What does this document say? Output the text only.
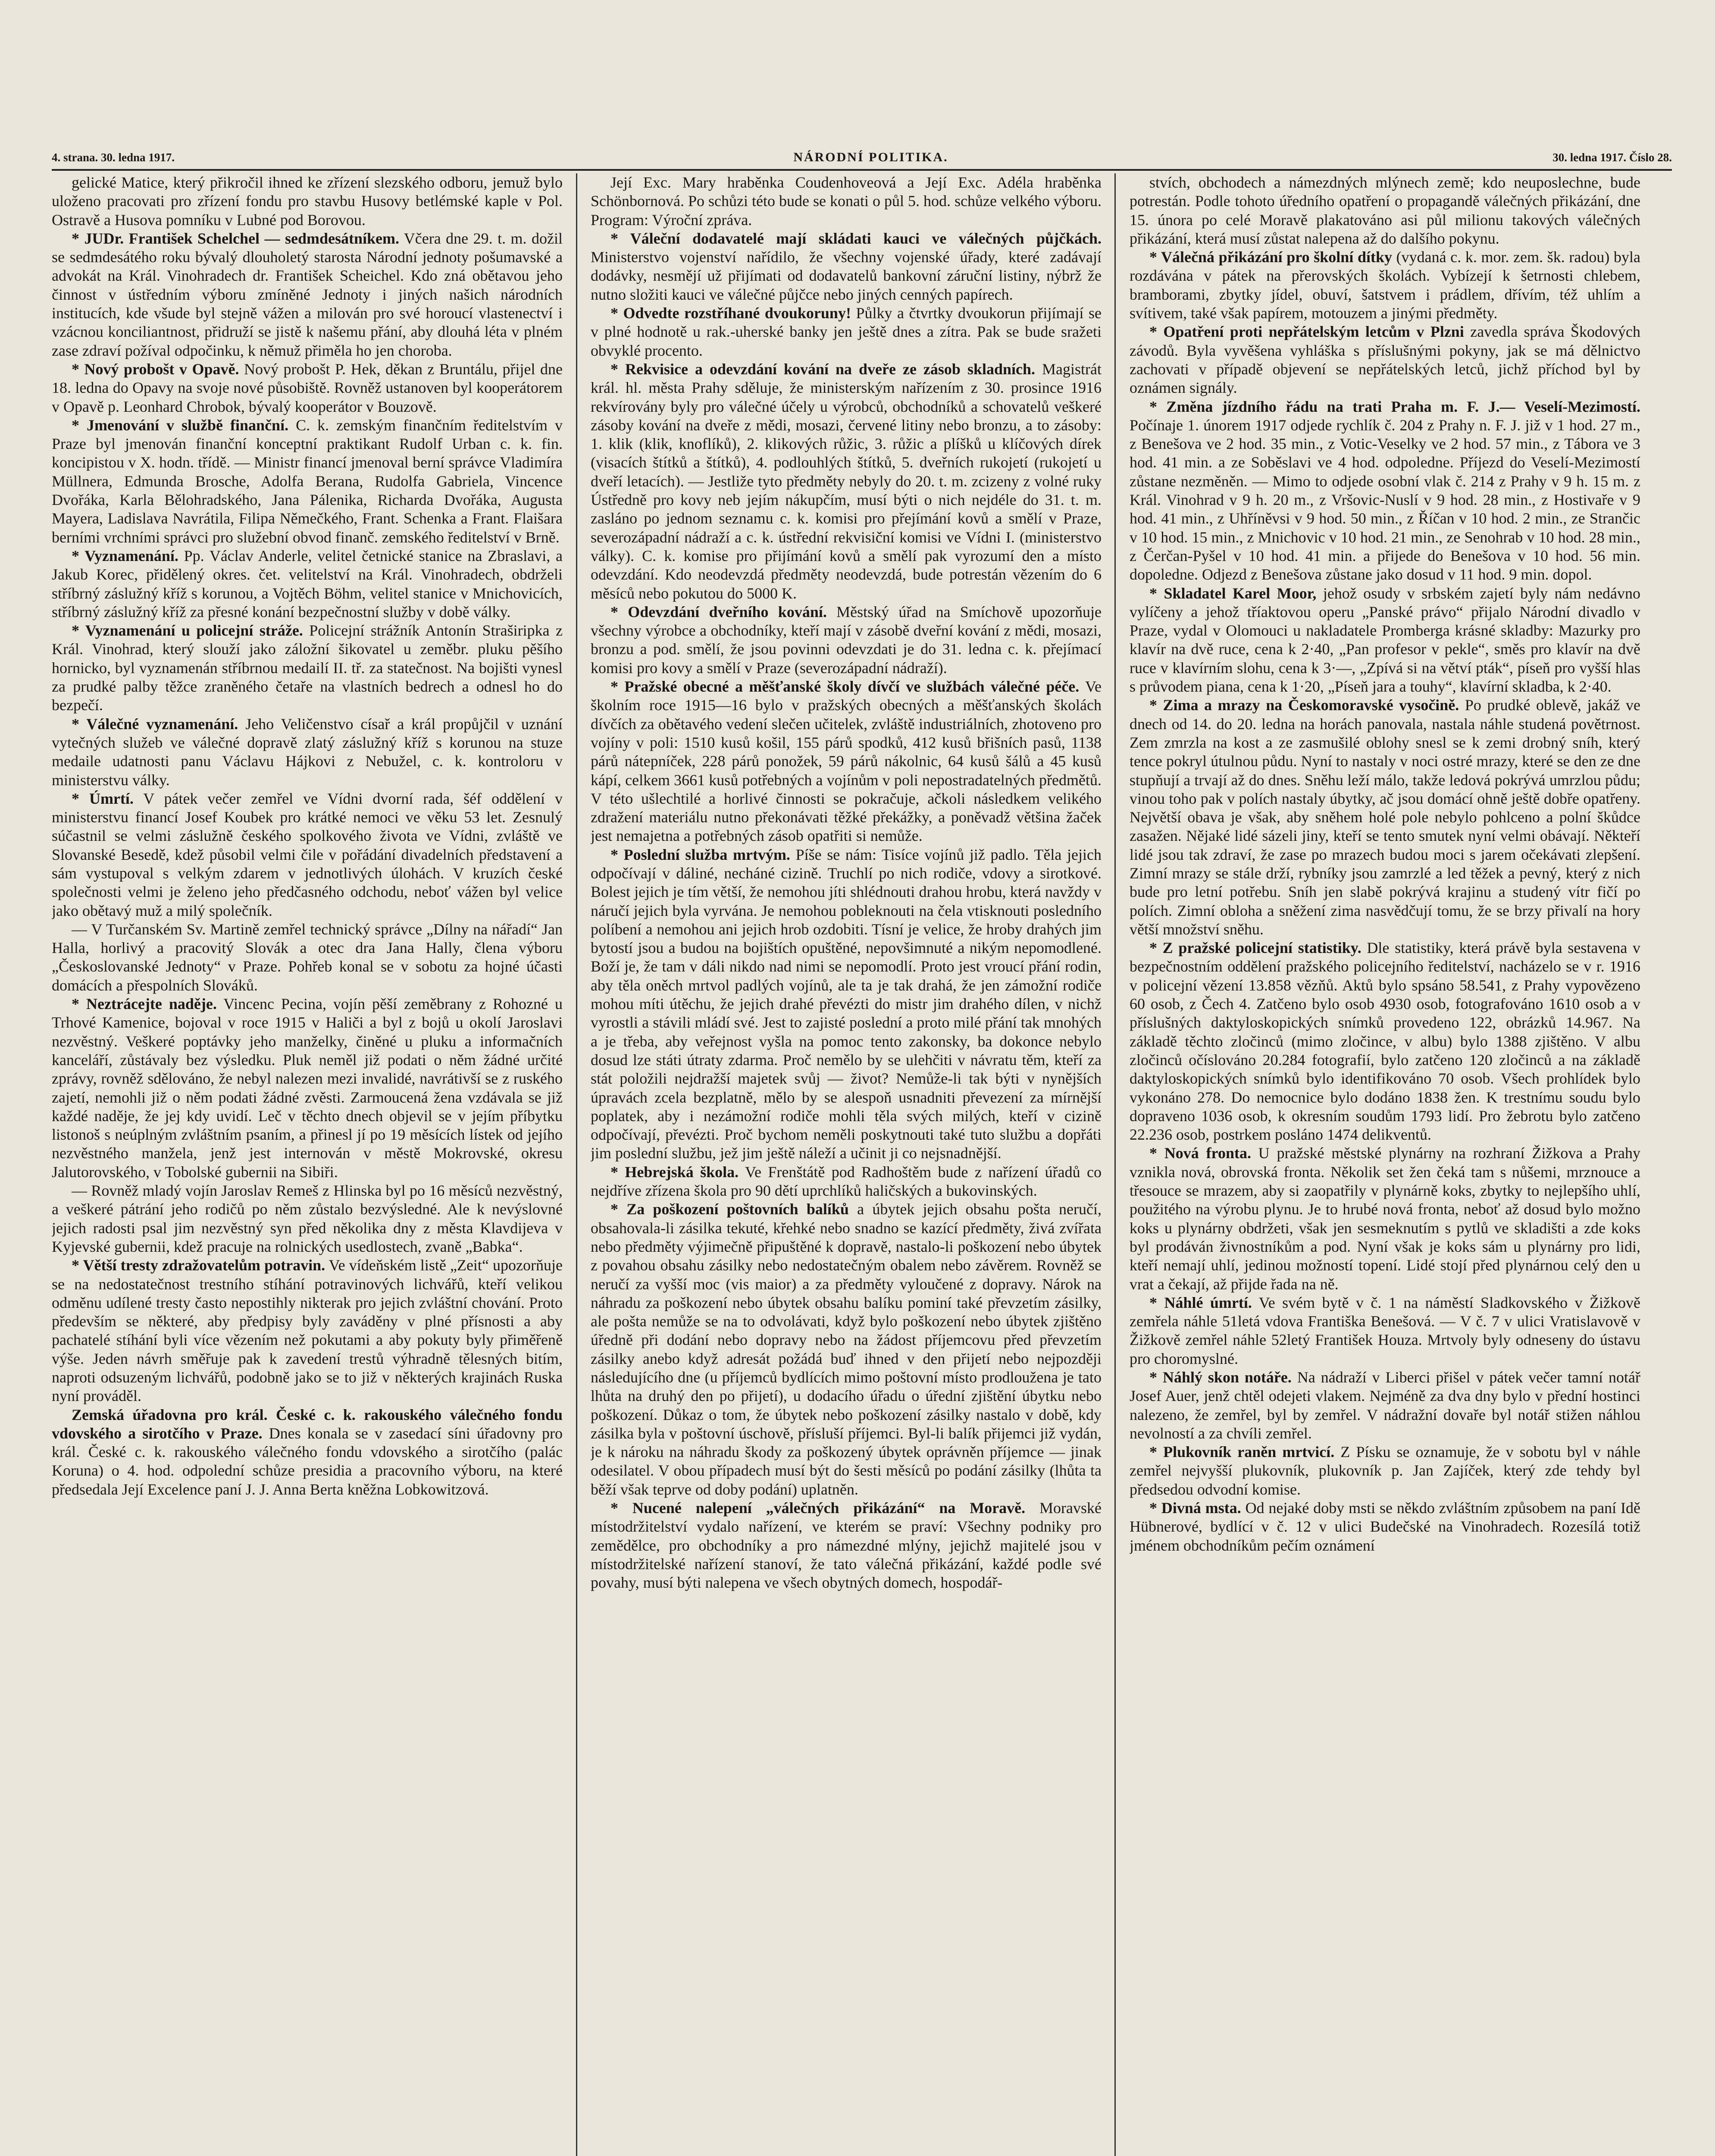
4. strana. 30. ledna 1917.	NÁRODNÍ POLITIKA.	30. ledna 1917. Číslo 28.

gelické Matice, který přikročil ihned ke zřízení slezského odboru, jemuž bylo uloženo pracovati pro zřízení fondu pro stavbu Husovy betlémské kaple v Pol. Ostravě a Husova pomníku v Lubné pod Borovou.

* JUDr. František Schelchel — sedmdesátníkem. Včera dne 29. t. m. dožil se sedmdesátého roku bývalý dlouholetý starosta Národní jednoty pošumavské a advokát na Král. Vinohradech dr. František Scheichel. Kdo zná obětavou jeho činnost v ústředním výboru zmíněné Jednoty i jiných našich národních institucích, kde všude byl stejně vážen a milován pro své horoucí vlastenectví i vzácnou konciliantnost, přidruží se jistě k našemu přání, aby dlouhá léta v plném zase zdraví požíval odpočinku, k němuž přiměla ho jen choroba.

* Nový probošt v Opavě. Nový probošt P. Hek, děkan z Bruntálu, přijel dne 18. ledna do Opavy na svoje nové působiště. Rovněž ustanoven byl kooperátorem v Opavě p. Leonhard Chrobok, bývalý kooperátor v Bouzově.

* Jmenování v službě finanční. C. k. zemským finančním ředitelstvím v Praze byl jmenován finanční konceptní praktikant Rudolf Urban c. k. fin. koncipistou v X. hodn. třídě. — Ministr financí jmenoval berní správce Vladimíra Müllnera, Edmunda Brosche, Adolfa Berana, Rudolfa Gabriela, Vincence Dvořáka, Karla Bělohradského, Jana Pálenika, Richarda Dvořáka, Augusta Mayera, Ladislava Navrátila, Filipa Němečkého, Frant. Schenka a Frant. Flaišara berními vrchními správci pro služební obvod finanč. zemského ředitelství v Brně.

* Vyznamenání. Pp. Václav Anderle, velitel četnické stanice na Zbraslavi, a Jakub Korec, přidělený okres. čet. velitelství na Král. Vinohradech, obdrželi stříbrný záslužný kříž s korunou, a Vojtěch Böhm, velitel stanice v Mnichovicích, stříbrný záslužný kříž za přesné konání bezpečnostní služby v době války.

* Vyznamenání u policejní stráže. Policejní strážník Antonín Straširipka z Král. Vinohrad, který slouží jako záložní šikovatel u zeměbr. pluku pěšího hornicko, byl vyznamenán stříbrnou medailí II. tř. za statečnost. Na bojišti vynesl za prudké palby těžce zraněného četaře na vlastních bedrech a odnesl ho do bezpečí.

* Válečné vyznamenání. Jeho Veličenstvo císař a král propůjčil v uznání vytečných služeb ve válečné dopravě zlatý záslužný kříž s korunou na stuze medaile udatnosti panu Václavu Hájkovi z Nebužel, c. k. kontroloru v ministerstvu války.

* Úmrtí. V pátek večer zemřel ve Vídni dvorní rada, šéf oddělení v ministerstvu financí Josef Koubek pro krátké nemoci ve věku 53 let. Zesnulý súčastnil se velmi záslužně českého spolkového života ve Vídni, zvláště ve Slovanské Besedě, kdež působil velmi čile v pořádání divadelních představení a sám vystupoval s velkým zdarem v jednotlivých úlohách. V kruzích české společnosti velmi je želeno jeho předčasného odchodu, neboť vážen byl velice jako obětavý muž a milý společník.

— V Turčanském Sv. Martině zemřel technický správce „Dílny na nářadí“ Jan Halla, horlivý a pracovitý Slovák a otec dra Jana Hally, člena výboru „Českoslovanské Jednoty“ v Praze. Pohřeb konal se v sobotu za hojné účasti domácích a přespolních Slováků.

* Neztrácejte naděje. Vincenc Pecina, vojín pěší zeměbrany z Rohozné u Trhové Kamenice, bojoval v roce 1915 v Haliči a byl z bojů u okolí Jaroslavi nezvěstný. Veškeré poptávky jeho manželky, činěné u pluku a informačních kanceláří, zůstávaly bez výsledku. Pluk neměl již podati o něm žádné určité zprávy, rovněž sdělováno, že nebyl nalezen mezi invalidé, navrátivší se z ruského zajetí, nemohli již o něm podati žádné zvěsti. Zarmoucená žena vzdávala se již každé naděje, že jej kdy uvidí. Leč v těchto dnech objevil se v jejím příbytku listonoš s neúplným zvláštním psaním, a přinesl jí po 19 měsících lístek od jejího nezvěstného manžela, jenž jest internován v městě Mokrovské, okresu Jalutorovského, v Tobolské gubernii na Sibiři.

— Rovněž mladý vojín Jaroslav Remeš z Hlinska byl po 16 měsíců nezvěstný, a veškeré pátrání jeho rodičů po něm zůstalo bezvýsledné. Ale k nevýslovné jejich radosti psal jim nezvěstný syn před několika dny z města Klavdijeva v Kyjevské gubernii, kdež pracuje na rolnických usedlostech, zvaně „Babka“.

* Větší tresty zdražovatelům potravin. Ve vídeňském listě „Zeit“ upozorňuje se na nedostatečnost trestního stíhání potravinových lichvářů, kteří velikou odměnu udílené tresty často nepostihly nikterak pro jejich zvláštní chování. Proto především se některé, aby předpisy byly zaváděny v plné přísnosti a aby pachatelé stíhání byli více vězením než pokutami a aby pokuty byly přiměřeně výše. Jeden návrh směřuje pak k zavedení trestů výhradně tělesných bitím, naproti odsuzeným lichvářů, podobně jako se to již v některých krajinách Ruska nyní prováděl.

Zemská úřadovna pro král. České c. k. rakouského válečného fondu vdovského a sirotčího v Praze. Dnes konala se v zasedací síni úřadovny pro král. České c. k. rakouského válečného fondu vdovského a sirotčího (palác Koruna) o 4. hod. odpolední schůze presidia a pracovního výboru, na které předsedala Její Excelence paní J. J. Anna Berta kněžna Lobkowitzová.

Její Exc. Mary hraběnka Coudenhoveová a Její Exc. Adéla hraběnka Schönbornová. Po schůzi této bude se konati o půl 5. hod. schůze velkého výboru. Program: Výroční zpráva.

* Váleční dodavatelé mají skládati kauci ve válečných půjčkách. Ministerstvo vojenství nařídilo, že všechny vojenské úřady, které zadávají dodávky, nesmějí už přijímati od dodavatelů bankovní záruční listiny, nýbrž že nutno složiti kauci ve válečné půjčce nebo jiných cenných papírech.

* Odvedte rozstříhané dvoukoruny! Půlky a čtvrtky dvoukorun přijímají se v plné hodnotě u rak.-uherské banky jen ještě dnes a zítra. Pak se bude sražeti obvyklé procento.

* Rekvisice a odevzdání kování na dveře ze zásob skladních. Magistrát král. hl. města Prahy sděluje, že ministerským nařízením z 30. prosince 1916 rekvírovány byly pro válečné účely u výrobců, obchodníků a schovatelů veškeré zásoby kování na dveře z mědi, mosazi, červené litiny nebo bronzu, a to zásoby: 1. klik (klik, knoflíků), 2. klikových růžic, 3. růžic a plíšků u klíčových dírek (visacích štítků a štítků), 4. podlouhlých štítků, 5. dveřních rukojetí (rukojetí u dveří letacích). — Jestliže tyto předměty nebyly do 20. t. m. zcizeny z volné ruky Ústředně pro kovy neb jejím nákupčím, musí býti o nich nejdéle do 31. t. m. zasláno po jednom seznamu c. k. komisi pro přejímání kovů a smělí v Praze, severozápadní nádraží a c. k. ústřední rekvisiční komisi ve Vídni I. (ministerstvo války). C. k. komise pro přijímání kovů a smělí pak vyrozumí den a místo odevzdání. Kdo neodevzdá předměty neodevzdá, bude potrestán vězením do 6 měsíců nebo pokutou do 5000 K.

* Odevzdání dveřního kování. Městský úřad na Smíchově upozorňuje všechny výrobce a obchodníky, kteří mají v zásobě dveřní kování z mědi, mosazi, bronzu a pod. smělí, že jsou povinni odevzdati je do 31. ledna c. k. přejímací komisi pro kovy a smělí v Praze (severozápadní nádraží).

* Pražské obecné a měšťanské školy dívčí ve službách válečné péče. Ve školním roce 1915—16 bylo v pražských obecných a měšťanských školách dívčích za obětavého vedení slečen učitelek, zvláště industriálních, zhotoveno pro vojíny v poli: 1510 kusů košil, 155 párů spodků, 412 kusů břišních pasů, 1138 párů nátepníček, 228 párů ponožek, 59 párů nákolnic, 64 kusů šálů a 45 kusů kápí, celkem 3661 kusů potřebných a vojínům v poli nepostradatelných předmětů. V této ušlechtilé a horlivé činnosti se pokračuje, ačkoli následkem velikého zdražení materiálu nutno překonávati těžké překážky, a poněvadž většina žaček jest nemajetna a potřebných zásob opatřiti si nemůže.

* Poslední služba mrtvým. Píše se nám: Tisíce vojínů již padlo. Těla jejich odpočívají v dáliné, necháné cizině. Truchlí po nich rodiče, vdovy a sirotkové. Bolest jejich je tím větší, že nemohou jíti shlédnouti drahou hrobu, která navždy v náručí jejich byla vyrvána. Je nemohou pobleknouti na čela vtisknouti posledního políbení a nemohou ani jejich hrob ozdobiti. Tísní je velice, že hroby drahých jim bytostí jsou a budou na bojištích opuštěné, nepovšimnuté a nikým nepomodlené. Boží je, že tam v dáli nikdo nad nimi se nepomodlí. Proto jest vroucí přání rodin, aby těla oněch mrtvol padlých vojínů, ale ta je tak drahá, že jen zámožní rodiče mohou míti útěchu, že jejich drahé převézti do mistr jim drahého dílen, v nichž vyrostli a stávili mládí své. Jest to zajisté poslední a proto milé přání tak mnohých a je třeba, aby veřejnost vyšla na pomoc tento zakonsky, ba dokonce nebylo dosud lze státi útraty zdarma. Proč nemělo by se ulehčiti v návratu těm, kteří za stát položili nejdražší majetek svůj — život? Nemůže-li tak býti v nynějších úpravách zcela bezplatně, mělo by se alespoň usnadniti převezení za mírnější poplatek, aby i nezámožní rodiče mohli těla svých milých, kteří v cizině odpočívají, převézti. Proč bychom neměli poskytnouti také tuto službu a dopřáti jim poslední službu, jež jim ještě náleží a učinit ji co nejsnadnější.

* Hebrejská škola. Ve Frenštátě pod Radhoštěm bude z nařízení úřadů co nejdříve zřízena škola pro 90 dětí uprchlíků haličských a bukovinských.

* Za poškození poštovních balíků a úbytek jejich obsahu pošta neručí, obsahovala-li zásilka tekuté, křehké nebo snadno se kazící předměty, živá zvířata nebo předměty výjimečně připuštěné k dopravě, nastalo-li poškození nebo úbytek z povahou obsahu zásilky nebo nedostatečným obalem nebo závěrem. Rovněž se neručí za vyšší moc (vis maior) a za předměty vyloučené z dopravy. Nárok na náhradu za poškození nebo úbytek obsahu balíku pominí také převzetím zásilky, ale pošta nemůže se na to odvolávati, když bylo poškození nebo úbytek zjištěno úředně při dodání nebo dopravy nebo na žádost příjemcovu před převzetím zásilky anebo když adresát požádá buď ihned v den přijetí nebo nejpozději následujícího dne (u příjemců bydlících mimo poštovní místo prodloužena je tato lhůta na druhý den po přijetí), u dodacího úřadu o úřední zjištění úbytku nebo poškození. Důkaz o tom, že úbytek nebo poškození zásilky nastalo v době, kdy zásilka byla v poštovní úschově, přísluší příjemci. Byl-li balík přijemci již vydán, je k nároku na náhradu škody za poškozený úbytek oprávněn příjemce — jinak odesilatel. V obou případech musí být do šesti měsíců po podání zásilky (lhůta ta běží však teprve od doby podání) uplatněn.

* Nucené nalepení „válečných přikázání“ na Moravě. Moravské místodržitelství vydalo nařízení, ve kterém se praví: Všechny podniky pro zemědělce, pro obchodníky a pro námezdné mlýny, jejichž majitelé jsou v místodržitelské nařízení stanoví, že tato válečná přikázání, každé podle své povahy, musí býti nalepena ve všech obytných domech, hospodář-

stvích, obchodech a námezdných mlýnech země; kdo neuposlechne, bude potrestán. Podle tohoto úředního opatření o propagandě válečných přikázání, dne 15. února po celé Moravě plakatováno asi půl milionu takových válečných přikázání, která musí zůstat nalepena až do dalšího pokynu.

* Válečná přikázání pro školní dítky (vydaná c. k. mor. zem. šk. radou) byla rozdávána v pátek na přerovských školách. Vybízejí k šetrnosti chlebem, bramborami, zbytky jídel, obuví, šatstvem i prádlem, dřívím, též uhlím a svítivem, také však papírem, motouzem a jinými předměty.

* Opatření proti nepřátelským letcům v Plzni zavedla správa Škodových závodů. Byla vyvěšena vyhláška s příslušnými pokyny, jak se má dělnictvo zachovati v případě objevení se nepřátelských letců, jichž příchod byl by oznámen signály.

* Změna jízdního řádu na trati Praha m. F. J.— Veselí-Mezimostí. Počínaje 1. únorem 1917 odjede rychlík č. 204 z Prahy n. F. J. již v 1 hod. 27 m., z Benešova ve 2 hod. 35 min., z Votic-Veselky ve 2 hod. 57 min., z Tábora ve 3 hod. 41 min. a ze Soběslavi ve 4 hod. odpoledne. Příjezd do Veselí-Mezimostí zůstane nezměněn. — Mimo to odjede osobní vlak č. 214 z Prahy v 9 h. 15 m. z Král. Vinohrad v 9 h. 20 m., z Vršovic-Nuslí v 9 hod. 28 min., z Hostivaře v 9 hod. 41 min., z Uhříněvsi v 9 hod. 50 min., z Říčan v 10 hod. 2 min., ze Strančic v 10 hod. 15 min., z Mnichovic v 10 hod. 21 min., ze Senohrab v 10 hod. 28 min., z Čerčan-Pyšel v 10 hod. 41 min. a přijede do Benešova v 10 hod. 56 min. dopoledne. Odjezd z Benešova zůstane jako dosud v 11 hod. 9 min. dopol.

* Skladatel Karel Moor, jehož osudy v srbském zajetí byly nám nedávno vylíčeny a jehož tříaktovou operu „Panské právo“ přijalo Národní divadlo v Praze, vydal v Olomouci u nakladatele Promberga krásné skladby: Mazurky pro klavír na dvě ruce, cena k 2·40, „Pan profesor v pekle“, směs pro klavír na dvě ruce v klavírním slohu, cena k 3·—, „Zpívá si na větví pták“, píseň pro vyšší hlas s průvodem piana, cena k 1·20, „Píseň jara a touhy“, klavírní skladba, k 2·40.

* Zima a mrazy na Českomoravské vysočině. Po prudké oblevě, jakáž ve dnech od 14. do 20. ledna na horách panovala, nastala náhle studená povětrnost. Zem zmrzla na kost a ze zasmušilé oblohy snesl se k zemi drobný sníh, který tence pokryl útulnou půdu. Nyní to nastaly v noci ostré mrazy, které se den ze dne stupňují a trvají až do dnes. Sněhu leží málo, takže ledová pokrývá umrzlou půdu; vinou toho pak v polích nastaly úbytky, ač jsou domácí ohně ještě dobře opatřeny. Největší obava je však, aby sněhem holé pole nebylo pohlceno a polní škůdce zasažen. Nějaké lidé sázeli jiny, kteří se tento smutek nyní velmi obávají. Někteří lidé jsou tak zdraví, že zase po mrazech budou moci s jarem očekávati zlepšení. Zimní mrazy se stále drží, rybníky jsou zamrzlé a led těžek a pevný, který z nich bude pro letní potřebu. Sníh jen slabě pokrývá krajinu a studený vítr fičí po polích. Zimní obloha a sněžení zima nasvědčují tomu, že se brzy přivalí na hory větší množství sněhu.

* Z pražské policejní statistiky. Dle statistiky, která právě byla sestavena v bezpečnostním oddělení pražského policejního ředitelství, nacházelo se v r. 1916 v policejní vězení 13.858 vězňů. Aktů bylo spsáno 58.541, z Prahy vypovězeno 60 osob, z Čech 4. Zatčeno bylo osob 4930 osob, fotografováno 1610 osob a v příslušných daktyloskopických snímků provedeno 122, obrázků 14.967. Na základě těchto zločinců (mimo zločince, v albu) bylo 1388 zjištěno. V albu zločinců očíslováno 20.284 fotografií, bylo zatčeno 120 zločinců a na základě daktyloskopických snímků bylo identifikováno 70 osob. Všech prohlídek bylo vykonáno 278. Do nemocnice bylo dodáno 1838 žen. K trestnímu soudu bylo dopraveno 1036 osob, k okresním soudům 1793 lidí. Pro žebrotu bylo zatčeno 22.236 osob, postrkem posláno 1474 delikventů.

* Nová fronta. U pražské městské plynárny na rozhraní Žižkova a Prahy vznikla nová, obrovská fronta. Několik set žen čeká tam s nůšemi, mrznouce a třesouce se mrazem, aby si zaopatřily v plynárně koks, zbytky to nejlepšího uhlí, použitého na výrobu plynu. Je to hrubé nová fronta, neboť až dosud bylo možno koks u plynárny obdržeti, však jen sesmeknutím s pytlů ve skladišti a zde koks byl prodáván živnostníkům a pod. Nyní však je koks sám u plynárny pro lidi, kteří nemají uhlí, jedinou možností topení. Lidé stojí před plynárnou celý den u vrat a čekají, až přijde řada na ně.

* Náhlé úmrtí. Ve svém bytě v č. 1 na náměstí Sladkovského v Žižkově zemřela náhle 51letá vdova Františka Benešová. — V č. 7 v ulici Vratislavově v Žižkově zemřel náhle 52letý František Houza. Mrtvoly byly odneseny do ústavu pro choromyslné.

* Náhlý skon notáře. Na nádraží v Liberci přišel v pátek večer tamní notář Josef Auer, jenž chtěl odejeti vlakem. Nejméně za dva dny bylo v přední hostinci nalezeno, že zemřel, byl by zemřel. V nádražní dovaře byl notář stižen náhlou nevolností a za chvíli zemřel.

* Plukovník raněn mrtvicí. Z Písku se oznamuje, že v sobotu byl v náhle zemřel nejvyšší plukovník, plukovník p. Jan Zajíček, který zde tehdy byl předsedou odvodní komise.

* Divná msta. Od nejaké doby msti se někdo zvláštním způsobem na paní Idě Hübnerové, bydlící v č. 12 v ulici Budečské na Vinohradech. Rozesílá totiž jménem obchodníkům pečím oznámení
